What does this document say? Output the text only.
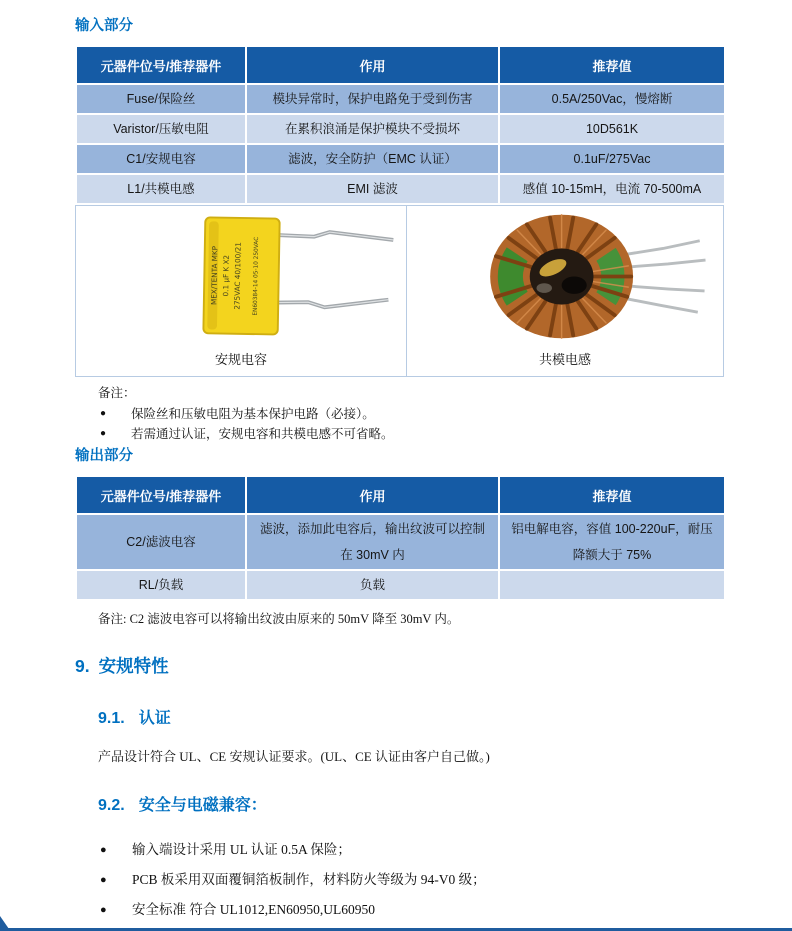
输入部分
元器件位号/推荐器件	作用	推荐值
Fuse/保险丝	模块异常时，保护电路免于受到伤害	0.5A/250Vac，慢熔断
Varistor/压敏电阻	在累积浪涌是保护模块不受损坏	10D561K
C1/安规电容	滤波，安全防护（EMC 认证）	0.1uF/275Vac
L1/共模电感	EMI 滤波	感值 10-15mH，电流 70-500mA
MEX/TENTA MKP 0.1 μF K X2 275VAC 40/100/21 EN60384-14 05-10 250VAC
安规电容	共模电感
备注：
● 保险丝和压敏电阻为基本保护电路（必接）。
● 若需通过认证，安规电容和共模电感不可省略。
输出部分
元器件位号/推荐器件	作用	推荐值
C2/滤波电容	滤波，添加此电容后，输出纹波可以控制在 30mV 内	铝电解电容，容值 100-220uF，耐压降额大于 75%
RL/负载	负载	
备注: C2 滤波电容可以将输出纹波由原来的 50mV 降至 30mV 内。
9. 安规特性
9.1. 认证
产品设计符合 UL、CE 安规认证要求。(UL、CE 认证由客户自己做。)
9.2. 安全与电磁兼容：
● 输入端设计采用 UL 认证 0.5A 保险；
● PCB 板采用双面覆铜箔板制作，材料防火等级为 94-V0 级；
● 安全标准 符合 UL1012,EN60950,UL60950
